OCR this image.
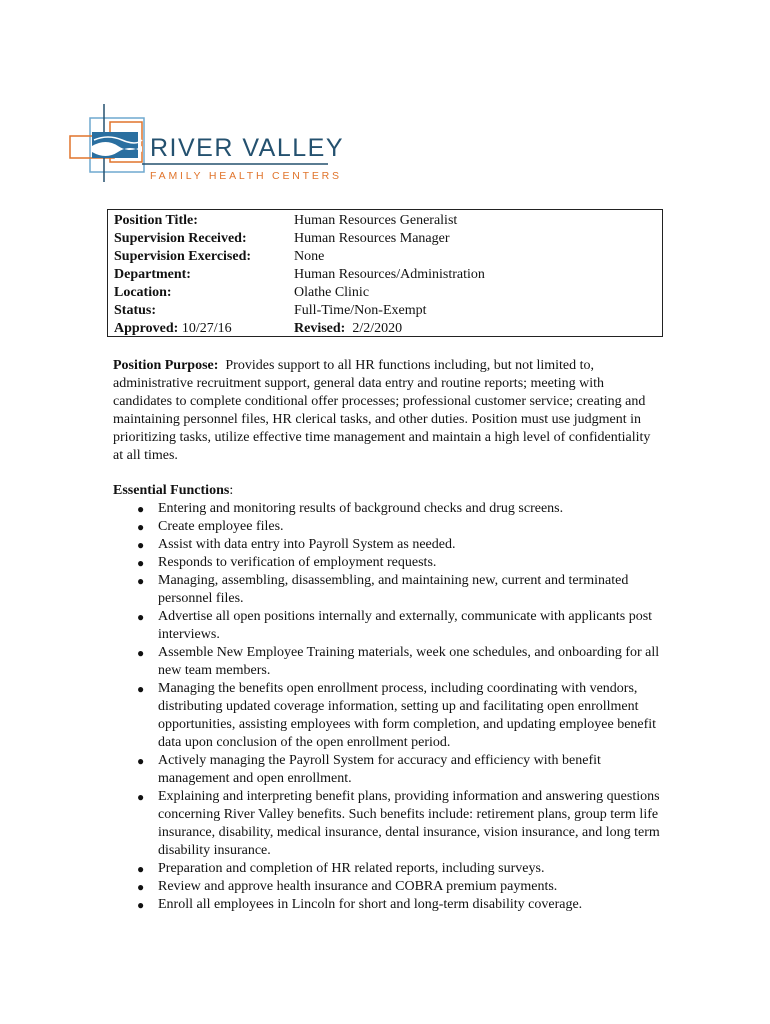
RIVER VALLEY
FAMILY HEALTH CENTERS
Position Title:	Human Resources Generalist
Supervision Received:	Human Resources Manager
Supervision Exercised:	None
Department:	Human Resources/Administration
Location:	Olathe Clinic
Status:	Full-Time/Non-Exempt
Approved: 10/27/16	Revised: 2/2/2020

Position Purpose: Provides support to all HR functions including, but not limited to, administrative recruitment support, general data entry and routine reports; meeting with candidates to complete conditional offer processes; professional customer service; creating and maintaining personnel files, HR clerical tasks, and other duties. Position must use judgment in prioritizing tasks, utilize effective time management and maintain a high level of confidentiality at all times.

Essential Functions:

● Entering and monitoring results of background checks and drug screens.
● Create employee files.
● Assist with data entry into Payroll System as needed.
● Responds to verification of employment requests.
● Managing, assembling, disassembling, and maintaining new, current and terminated personnel files.
● Advertise all open positions internally and externally, communicate with applicants post interviews.
● Assemble New Employee Training materials, week one schedules, and onboarding for all new team members.
● Managing the benefits open enrollment process, including coordinating with vendors, distributing updated coverage information, setting up and facilitating open enrollment opportunities, assisting employees with form completion, and updating employee benefit data upon conclusion of the open enrollment period.
● Actively managing the Payroll System for accuracy and efficiency with benefit management and open enrollment.
● Explaining and interpreting benefit plans, providing information and answering questions concerning River Valley benefits. Such benefits include: retirement plans, group term life insurance, disability, medical insurance, dental insurance, vision insurance, and long term disability insurance.
● Preparation and completion of HR related reports, including surveys.
● Review and approve health insurance and COBRA premium payments.
● Enroll all employees in Lincoln for short and long-term disability coverage.
